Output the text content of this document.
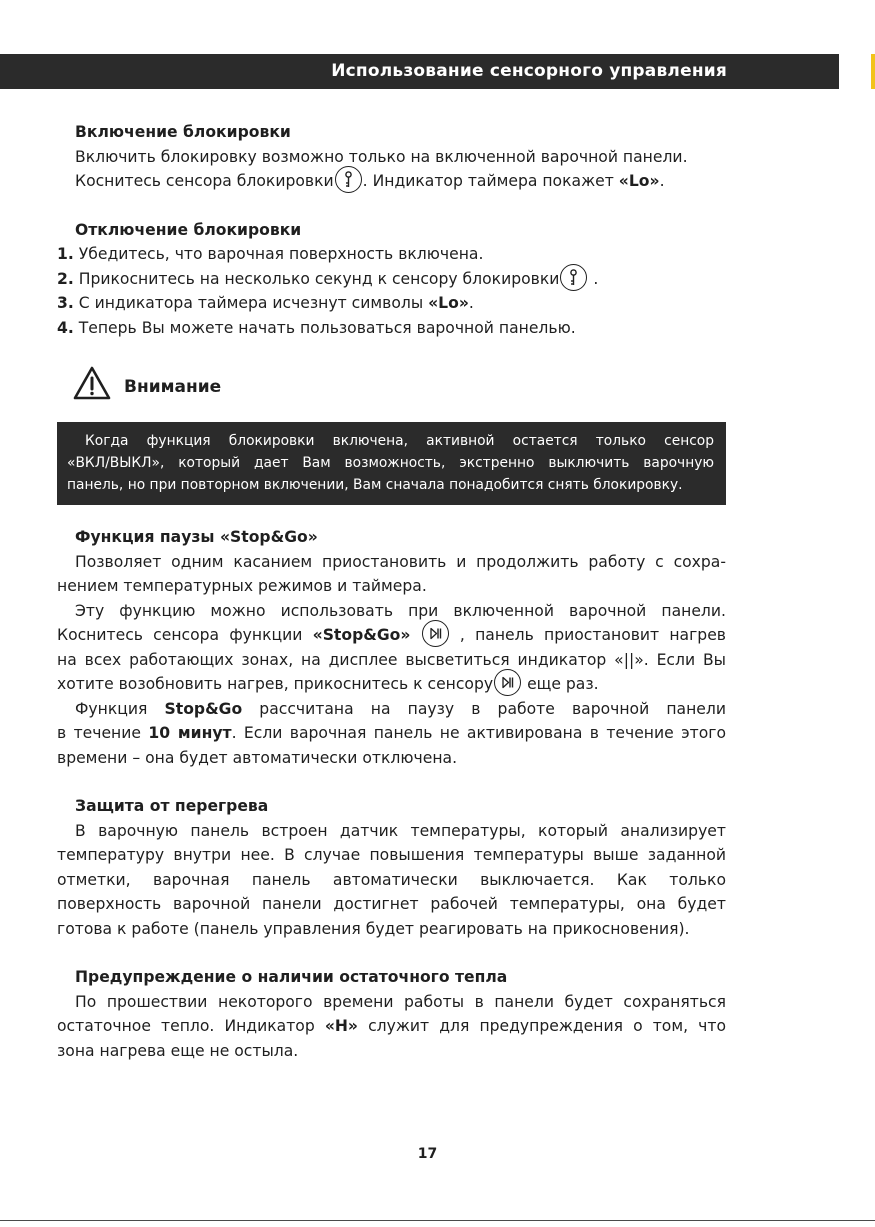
Использование сенсорного управления
Включение блокировки
Включить блокировку возможно только на включенной варочной панели.
Коснитесь сенсора блокировки . Индикатор таймера покажет «Lo».
Отключение блокировки
1. Убедитесь, что варочная поверхность включена.
2. Прикоснитесь на несколько секунд к сенсору блокировки
.
3. С индикатора таймера исчезнут символы «Lo».
4. Теперь Вы можете начать пользоваться варочной панелью.
Внимание
Когда функция блокировки включена, активной остается только сенсор
«ВКЛ/ВЫКЛ», который дает Вам возможность, экстренно выключить варочную
панель, но при повторном включении, Вам сначала понадобится снять блокировку.
Функция паузы «Stop&Go»
Позволяет одним касанием приостановить и продолжить работу с сохра-
нением температурных режимов и таймера.
Эту функцию можно использовать при включенной варочной панели.
Коснитесь сенсора функции «Stop&Go»	, панель приостановит нагрев
на всех работающих зонах, на дисплее высветиться индикатор «||». Если Вы
хотите возобновить нагрев, прикоснитесь к сенсору
еще раз.
Функция Stop&Go рассчитана на паузу в работе варочной панели
в течение 10 минут. Если варочная панель не активирована в течение этого
времени – она будет автоматически отключена.
Защита от перегрева
В варочную панель встроен датчик температуры, который анализирует
температуру внутри нее. В случае повышения температуры выше заданной
отметки, варочная панель автоматически выключается. Как только
поверхность варочной панели достигнет рабочей температуры, она будет
готова к работе (панель управления будет реагировать на прикосновения).
Предупреждение о наличии остаточного тепла
По прошествии некоторого времени работы в панели будет сохраняться
остаточное тепло. Индикатор «H» служит для предупреждения о том, что
зона нагрева еще не остыла.
17
